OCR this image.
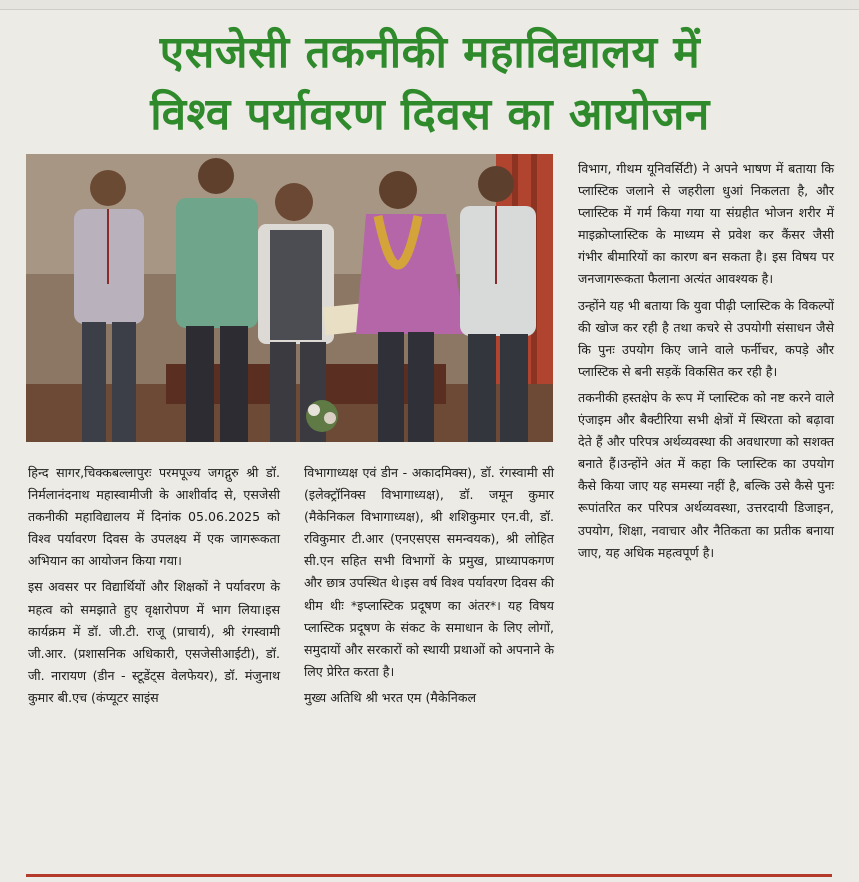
एसजेसी तकनीकी महाविद्यालय में
विश्व पर्यावरण दिवस का आयोजन

हिन्द सागर,चिक्कबल्लापुरः परमपूज्य जगद्गुरु श्री डॉ. निर्मलानंदनाथ महास्वामीजी के आशीर्वाद से, एसजेसी तकनीकी महाविद्यालय में दिनांक 05.06.2025 को विश्व पर्यावरण दिवस के उपलक्ष्य में एक जागरूकता अभियान का आयोजन किया गया।

इस अवसर पर विद्यार्थियों और शिक्षकों ने पर्यावरण के महत्व को समझाते हुए वृक्षारोपण में भाग लिया।इस कार्यक्रम में डॉ. जी.टी. राजू (प्राचार्य), श्री रंगस्वामी जी.आर. (प्रशासनिक अधिकारी, एसजेसीआईटी), डॉ. जी. नारायण (डीन - स्टूडेंट्स वेलफेयर), डॉ. मंजुनाथ कुमार बी.एच (कंप्यूटर साइंस

विभागाध्यक्ष एवं डीन - अकादमिक्स), डॉ. रंगस्वामी सी (इलेक्ट्रॉनिक्स विभागाध्यक्ष), डॉ. जमून कुमार (मैकेनिकल विभागाध्यक्ष), श्री शशिकुमार एन.वी, डॉ. रविकुमार टी.आर (एनएसएस समन्वयक), श्री लोहित सी.एन सहित सभी विभागों के प्रमुख, प्राध्यापकगण और छात्र उपस्थित थे।इस वर्ष विश्व पर्यावरण दिवस की थीम थीः *इप्लास्टिक प्रदूषण का अंतर*। यह विषय प्लास्टिक प्रदूषण के संकट के समाधान के लिए लोगों, समुदायों और सरकारों को स्थायी प्रथाओं को अपनाने के लिए प्रेरित करता है।

मुख्य अतिथि श्री भरत एम (मैकेनिकल

विभाग, गीथम यूनिवर्सिटी) ने अपने भाषण में बताया कि प्लास्टिक जलाने से जहरीला धुआं निकलता है, और प्लास्टिक में गर्म किया गया या संग्रहीत भोजन शरीर में माइक्रोप्लास्टिक के माध्यम से प्रवेश कर कैंसर जैसी गंभीर बीमारियों का कारण बन सकता है। इस विषय पर जनजागरूकता फैलाना अत्यंत आवश्यक है।

उन्होंने यह भी बताया कि युवा पीढ़ी प्लास्टिक के विकल्पों की खोज कर रही है तथा कचरे से उपयोगी संसाधन जैसे कि पुनः उपयोग किए जाने वाले फर्नीचर, कपड़े और प्लास्टिक से बनी सड़कें विकसित कर रही है।

तकनीकी हस्तक्षेप के रूप में प्लास्टिक को नष्ट करने वाले एंजाइम और बैक्टीरिया सभी क्षेत्रों में स्थिरता को बढ़ावा देते हैं और परिपत्र अर्थव्यवस्था की अवधारणा को सशक्त बनाते हैं।उन्होंने अंत में कहा कि प्लास्टिक का उपयोग कैसे किया जाए यह समस्या नहीं है, बल्कि उसे कैसे पुनः रूपांतरित कर परिपत्र अर्थव्यवस्था, उत्तरदायी डिजाइन, उपयोग, शिक्षा, नवाचार और नैतिकता का प्रतीक बनाया जाए, यह अधिक महत्वपूर्ण है।
